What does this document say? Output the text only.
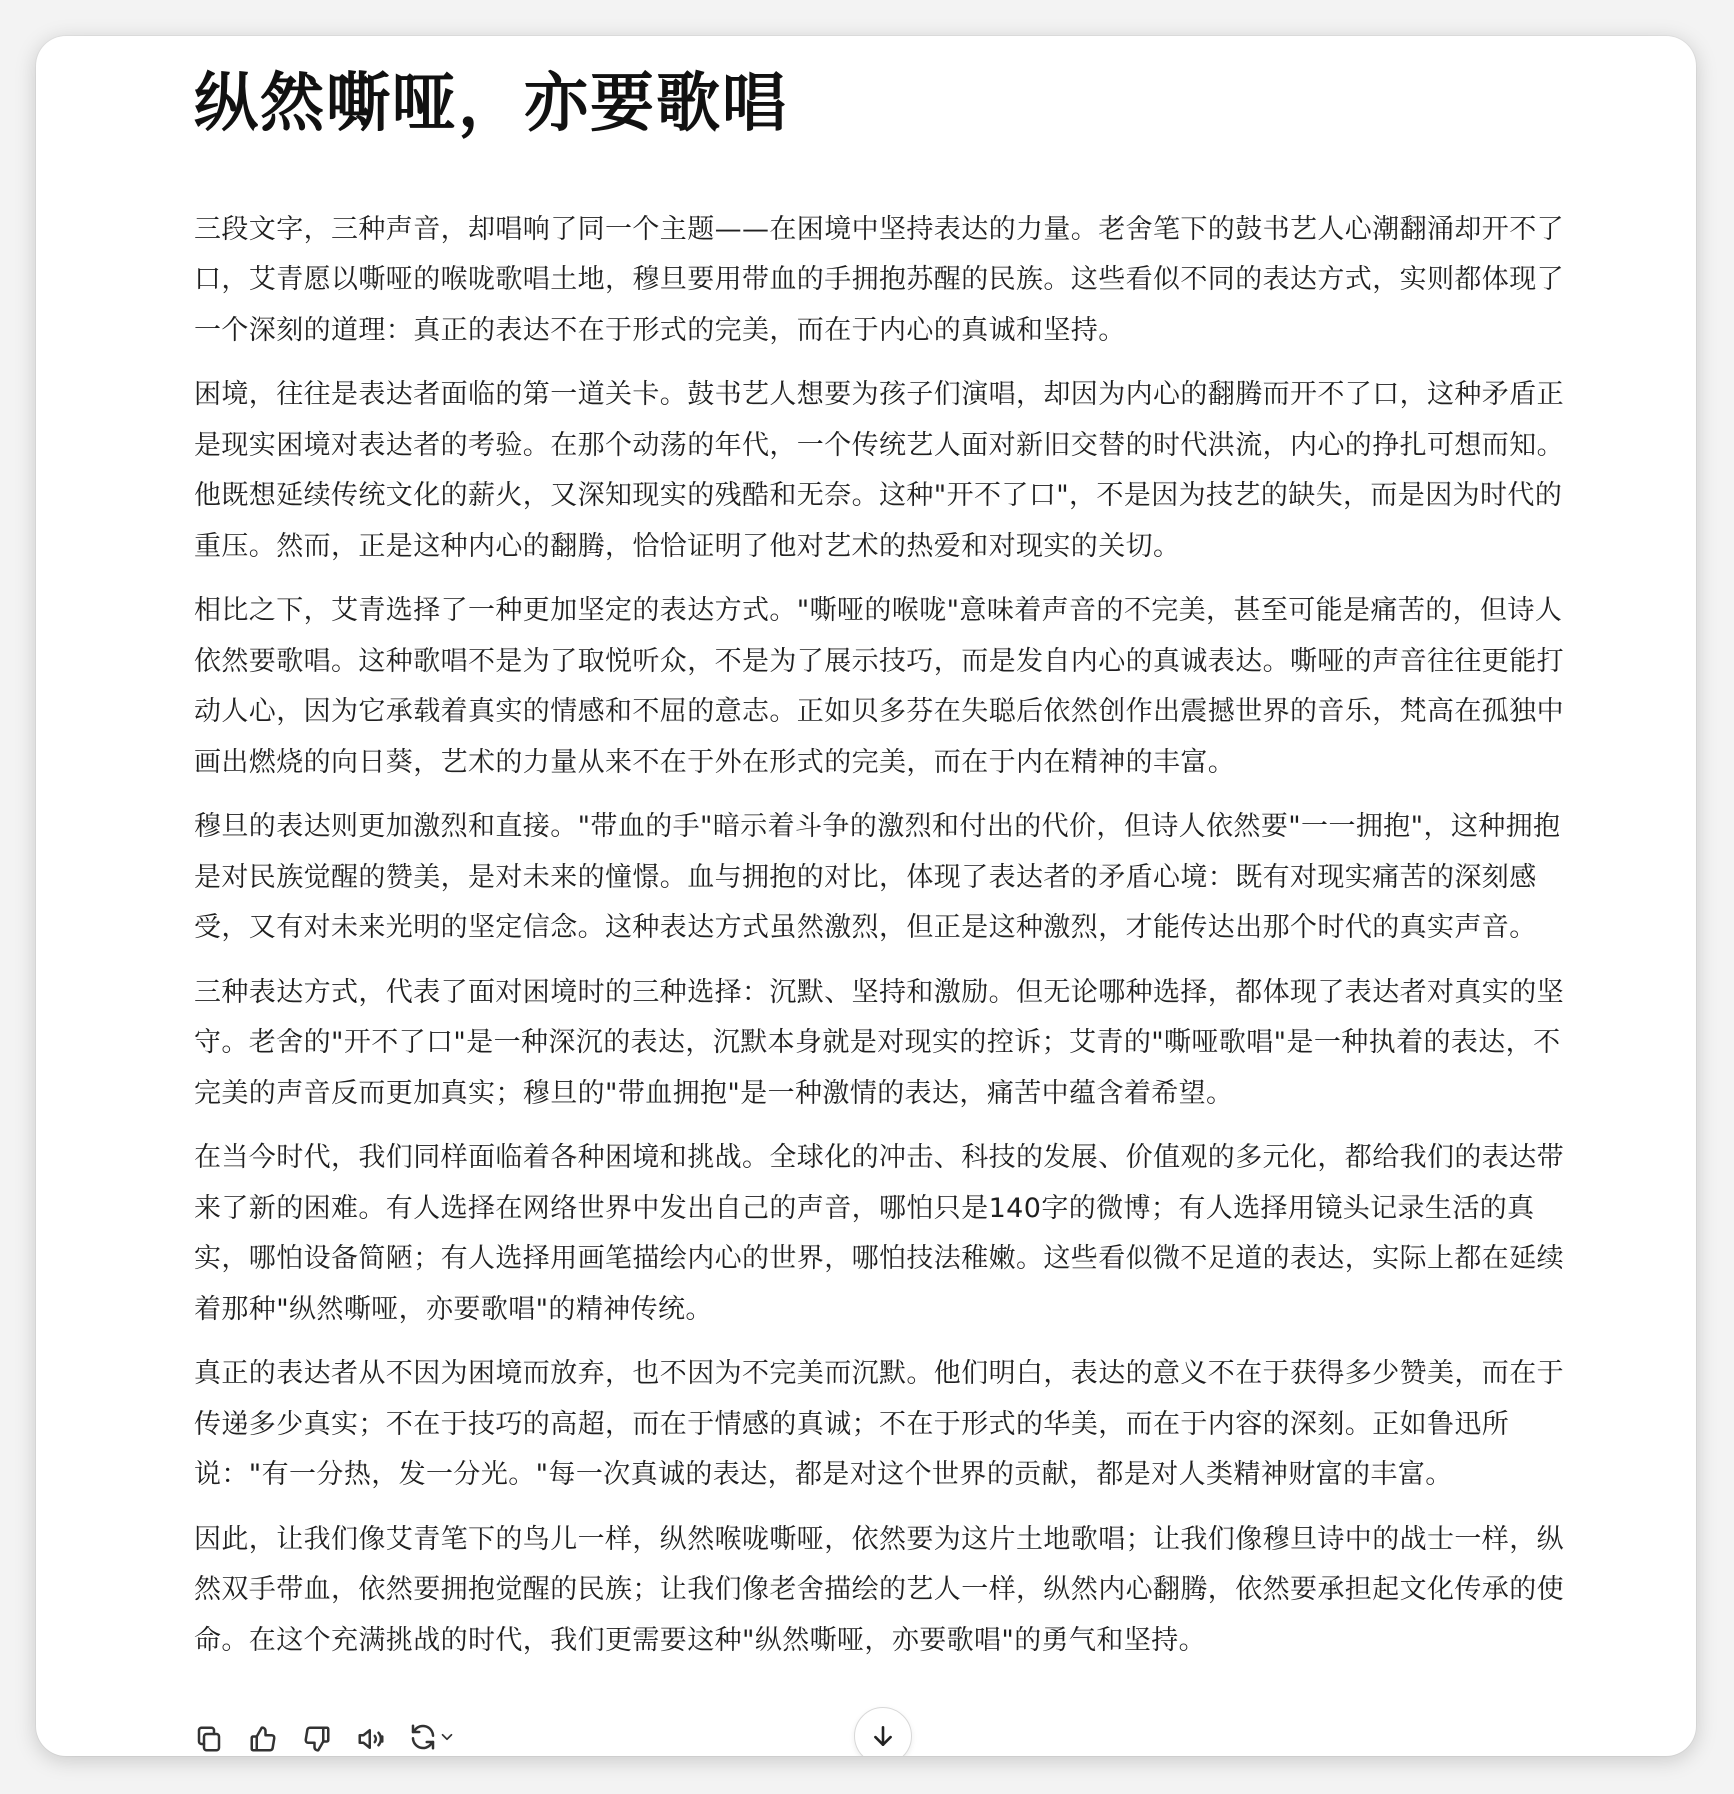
纵然嘶哑，亦要歌唱

三段文字，三种声音，却唱响了同一个主题——在困境中坚持表达的力量。老舍笔下的鼓书艺人心潮翻涌却开不了口，艾青愿以嘶哑的喉咙歌唱土地，穆旦要用带血的手拥抱苏醒的民族。这些看似不同的表达方式，实则都体现了一个深刻的道理：真正的表达不在于形式的完美，而在于内心的真诚和坚持。

困境，往往是表达者面临的第一道关卡。鼓书艺人想要为孩子们演唱，却因为内心的翻腾而开不了口，这种矛盾正是现实困境对表达者的考验。在那个动荡的年代，一个传统艺人面对新旧交替的时代洪流，内心的挣扎可想而知。他既想延续传统文化的薪火，又深知现实的残酷和无奈。这种"开不了口"，不是因为技艺的缺失，而是因为时代的重压。然而，正是这种内心的翻腾，恰恰证明了他对艺术的热爱和对现实的关切。

相比之下，艾青选择了一种更加坚定的表达方式。"嘶哑的喉咙"意味着声音的不完美，甚至可能是痛苦的，但诗人依然要歌唱。这种歌唱不是为了取悦听众，不是为了展示技巧，而是发自内心的真诚表达。嘶哑的声音往往更能打动人心，因为它承载着真实的情感和不屈的意志。正如贝多芬在失聪后依然创作出震撼世界的音乐，梵高在孤独中画出燃烧的向日葵，艺术的力量从来不在于外在形式的完美，而在于内在精神的丰富。

穆旦的表达则更加激烈和直接。"带血的手"暗示着斗争的激烈和付出的代价，但诗人依然要"一一拥抱"，这种拥抱是对民族觉醒的赞美，是对未来的憧憬。血与拥抱的对比，体现了表达者的矛盾心境：既有对现实痛苦的深刻感受，又有对未来光明的坚定信念。这种表达方式虽然激烈，但正是这种激烈，才能传达出那个时代的真实声音。

三种表达方式，代表了面对困境时的三种选择：沉默、坚持和激励。但无论哪种选择，都体现了表达者对真实的坚守。老舍的"开不了口"是一种深沉的表达，沉默本身就是对现实的控诉；艾青的"嘶哑歌唱"是一种执着的表达，不完美的声音反而更加真实；穆旦的"带血拥抱"是一种激情的表达，痛苦中蕴含着希望。

在当今时代，我们同样面临着各种困境和挑战。全球化的冲击、科技的发展、价值观的多元化，都给我们的表达带来了新的困难。有人选择在网络世界中发出自己的声音，哪怕只是140字的微博；有人选择用镜头记录生活的真实，哪怕设备简陋；有人选择用画笔描绘内心的世界，哪怕技法稚嫩。这些看似微不足道的表达，实际上都在延续着那种"纵然嘶哑，亦要歌唱"的精神传统。

真正的表达者从不因为困境而放弃，也不因为不完美而沉默。他们明白，表达的意义不在于获得多少赞美，而在于传递多少真实；不在于技巧的高超，而在于情感的真诚；不在于形式的华美，而在于内容的深刻。正如鲁迅所说："有一分热，发一分光。"每一次真诚的表达，都是对这个世界的贡献，都是对人类精神财富的丰富。

因此，让我们像艾青笔下的鸟儿一样，纵然喉咙嘶哑，依然要为这片土地歌唱；让我们像穆旦诗中的战士一样，纵然双手带血，依然要拥抱觉醒的民族；让我们像老舍描绘的艺人一样，纵然内心翻腾，依然要承担起文化传承的使命。在这个充满挑战的时代，我们更需要这种"纵然嘶哑，亦要歌唱"的勇气和坚持。
